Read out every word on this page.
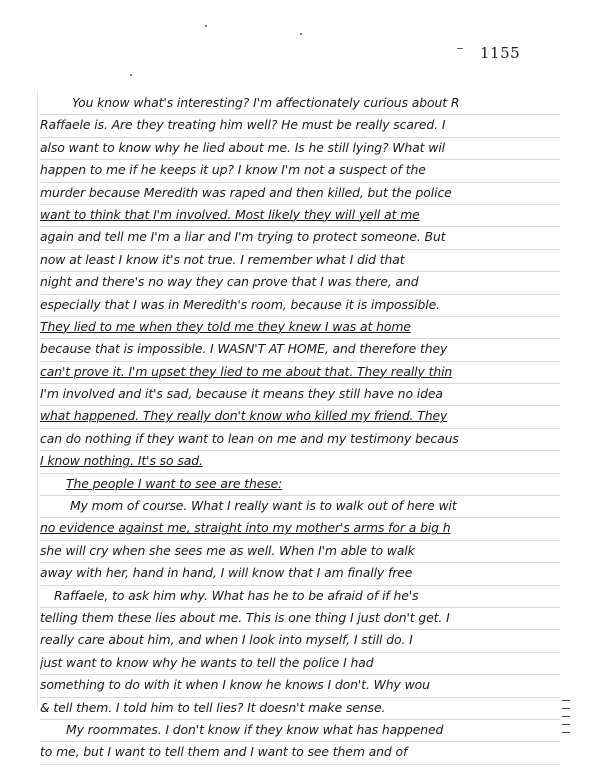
1155
You know what's interesting? I'm affectionately curious about R
Raffaele is. Are they treating him well? He must be really scared. I
also want to know why he lied about me. Is he still lying? What wil
happen to me if he keeps it up? I know I'm not a suspect of the
murder because Meredith was raped and then killed, but the police
want to think that I'm involved. Most likely they will yell at me
again and tell me I'm a liar and I'm trying to protect someone. But
now at least I know it's not true. I remember what I did that
night and there's no way they can prove that I was there, and
especially that I was in Meredith's room, because it is impossible.
They lied to me when they told me they knew I was at home
because that is impossible. I WASN'T AT HOME, and therefore they
can't prove it. I'm upset they lied to me about that. They really thin
I'm involved and it's sad, because it means they still have no idea
what happened. They really don't know who killed my friend. They
can do nothing if they want to lean on me and my testimony becaus
I know nothing. It's so sad.
The people I want to see are these:
My mom of course. What I really want is to walk out of here wit
no evidence against me, straight into my mother's arms for a big h
she will cry when she sees me as well. When I'm able to walk
away with her, hand in hand, I will know that I am finally free
Raffaele, to ask him why. What has he to be afraid of if he's
telling them these lies about me. This is one thing I just don't get. I
really care about him, and when I look into myself, I still do. I
just want to know why he wants to tell the police I had
something to do with it when I know he knows I don't. Why wou
& tell them. I told him to tell lies? It doesn't make sense.
My roommates. I don't know if they know what has happened
to me, but I want to tell them and I want to see them and of
